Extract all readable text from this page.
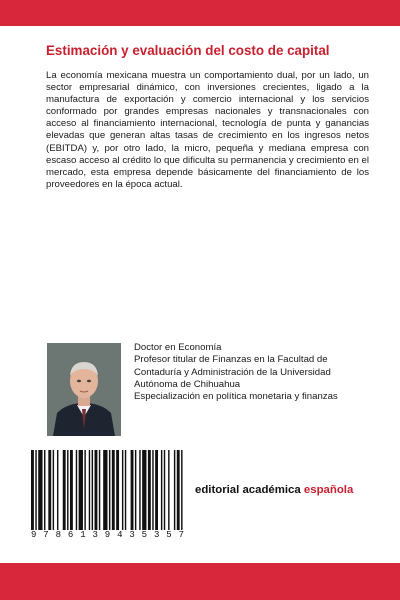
Estimación y evaluación del costo de capital

La economía mexicana muestra un comportamiento dual, por un lado, un sector empresarial dinámico, con inversiones crecientes, ligado a la manufactura de exportación y comercio internacional y los servicios conformado por grandes empresas nacionales y transnacionales con acceso al financiamiento internacional, tecnología de punta y ganancias elevadas que generan altas tasas de crecimiento en los ingresos netos (EBITDA) y, por otro lado, la micro, pequeña y mediana empresa con escaso acceso al crédito lo que dificulta su permanencia y crecimiento en el mercado, esta empresa depende básicamente del financiamiento de los proveedores en la época actual.

Doctor en Economía
Profesor titular de Finanzas en la Facultad de
Contaduría y Administración de la Universidad
Autónoma de Chihuahua
Especialización en política monetaria y finanzas
9 7 8 6 1 3 9 4 3 5 3 5 7

editorial académica española
